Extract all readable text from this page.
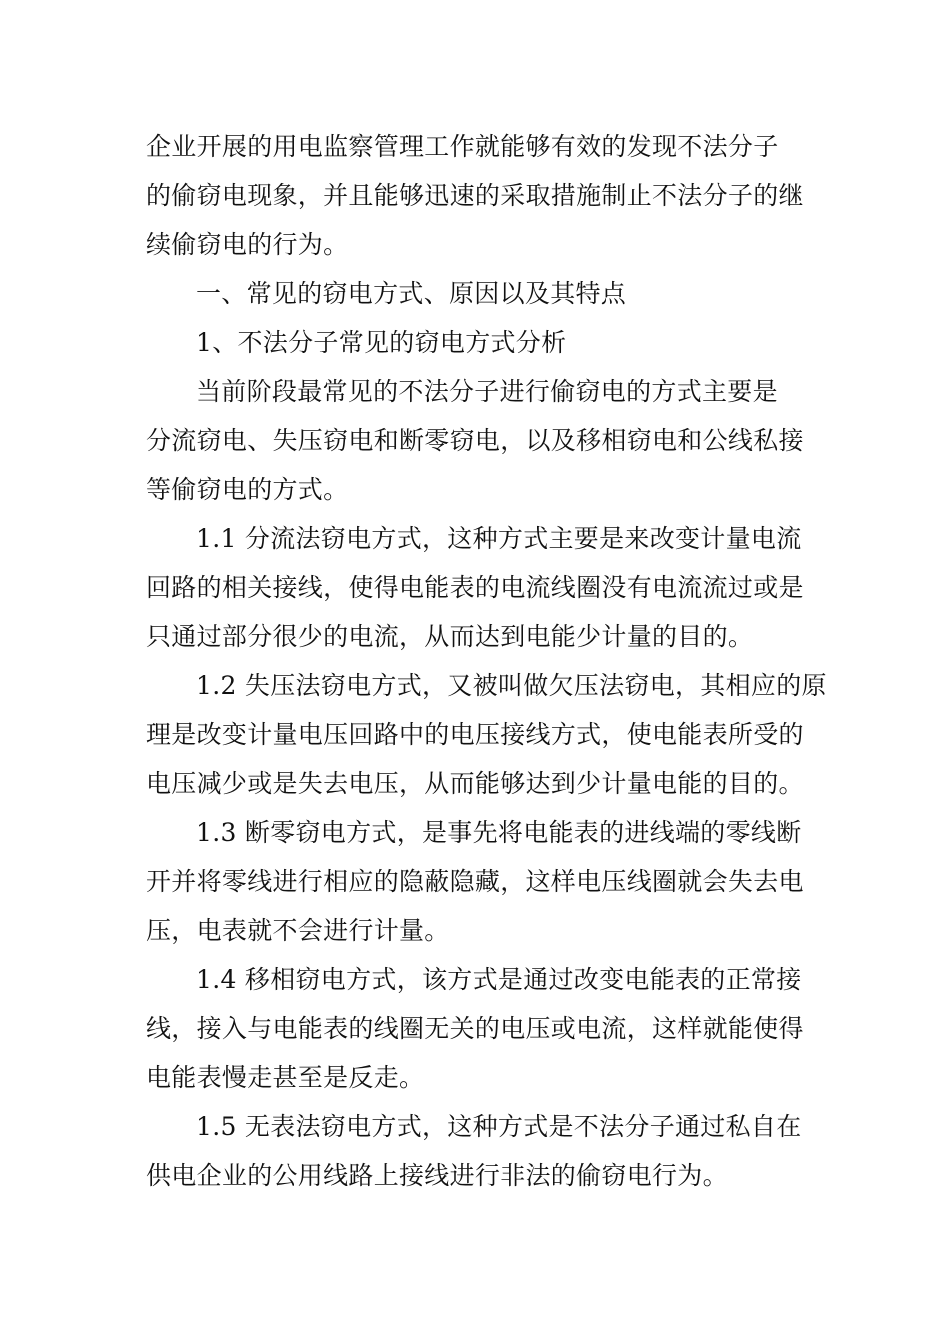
企业开展的用电监察管理工作就能够有效的发现不法分子
的偷窃电现象，并且能够迅速的采取措施制止不法分子的继
续偷窃电的行为。

一、常见的窃电方式、原因以及其特点

1、不法分子常见的窃电方式分析

当前阶段最常见的不法分子进行偷窃电的方式主要是
分流窃电、失压窃电和断零窃电，以及移相窃电和公线私接
等偷窃电的方式。

1.1 分流法窃电方式，这种方式主要是来改变计量电流
回路的相关接线，使得电能表的电流线圈没有电流流过或是
只通过部分很少的电流，从而达到电能少计量的目的。

1.2 失压法窃电方式，又被叫做欠压法窃电，其相应的原
理是改变计量电压回路中的电压接线方式，使电能表所受的
电压减少或是失去电压，从而能够达到少计量电能的目的。

1.3 断零窃电方式，是事先将电能表的进线端的零线断
开并将零线进行相应的隐蔽隐藏，这样电压线圈就会失去电
压，电表就不会进行计量。

1.4 移相窃电方式，该方式是通过改变电能表的正常接
线，接入与电能表的线圈无关的电压或电流，这样就能使得
电能表慢走甚至是反走。

1.5 无表法窃电方式，这种方式是不法分子通过私自在
供电企业的公用线路上接线进行非法的偷窃电行为。
